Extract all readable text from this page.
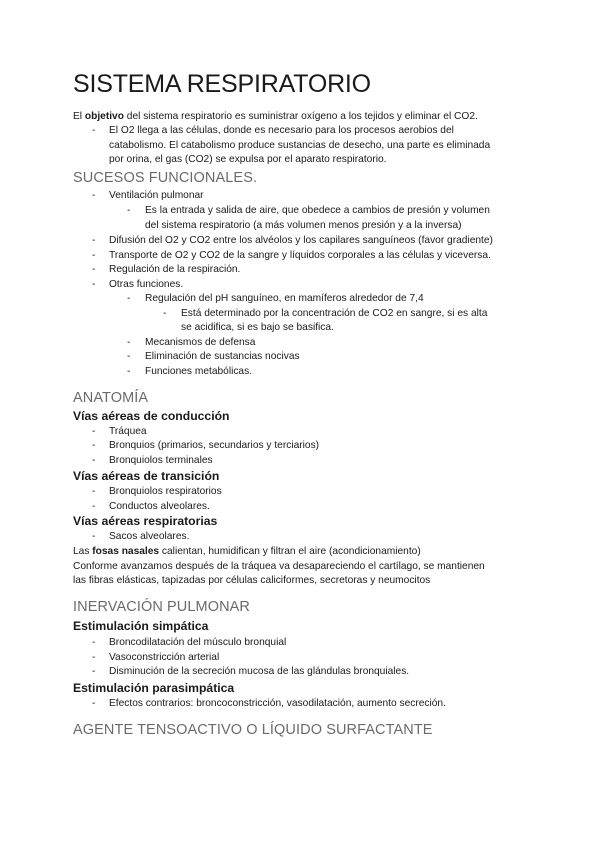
SISTEMA RESPIRATORIO
El objetivo del sistema respiratorio es suministrar oxígeno a los tejidos y eliminar el CO2.
- El O2 llega a las células, donde es necesario para los procesos aerobios del
catabolismo. El catabolismo produce sustancias de desecho, una parte es eliminada
por orina, el gas (CO2) se expulsa por el aparato respiratorio.
SUCESOS FUNCIONALES.
- Ventilación pulmonar
- Es la entrada y salida de aire, que obedece a cambios de presión y volumen
del sistema respiratorio (a más volumen menos presión y a la inversa)
- Difusión del O2 y CO2 entre los alvéolos y los capilares sanguíneos (favor gradiente)
- Transporte de O2 y CO2 de la sangre y líquidos corporales a las células y viceversa.
- Regulación de la respiración.
- Otras funciones.
- Regulación del pH sanguíneo, en mamíferos alrededor de 7,4
- Está determinado por la concentración de CO2 en sangre, si es alta
se acidifica, si es bajo se basifica.
- Mecanismos de defensa
- Eliminación de sustancias nocivas
- Funciones metabólicas.
ANATOMÍA
Vías aéreas de conducción
- Tráquea
- Bronquios (primarios, secundarios y terciarios)
- Bronquiolos terminales
Vías aéreas de transición
- Bronquiolos respiratorios
- Conductos alveolares.
Vías aéreas respiratorias
- Sacos alveolares.
Las fosas nasales calientan, humidifican y filtran el aire (acondicionamiento)
Conforme avanzamos después de la tráquea va desapareciendo el cartílago, se mantienen
las fibras elásticas, tapizadas por células caliciformes, secretoras y neumocitos
INERVACIÓN PULMONAR
Estimulación simpática
- Broncodilatación del músculo bronquial
- Vasoconstricción arterial
- Disminución de la secreción mucosa de las glándulas bronquiales.
Estimulación parasimpática
- Efectos contrarios: broncoconstricción, vasodilatación, aumento secreción.
AGENTE TENSOACTIVO O LÍQUIDO SURFACTANTE
